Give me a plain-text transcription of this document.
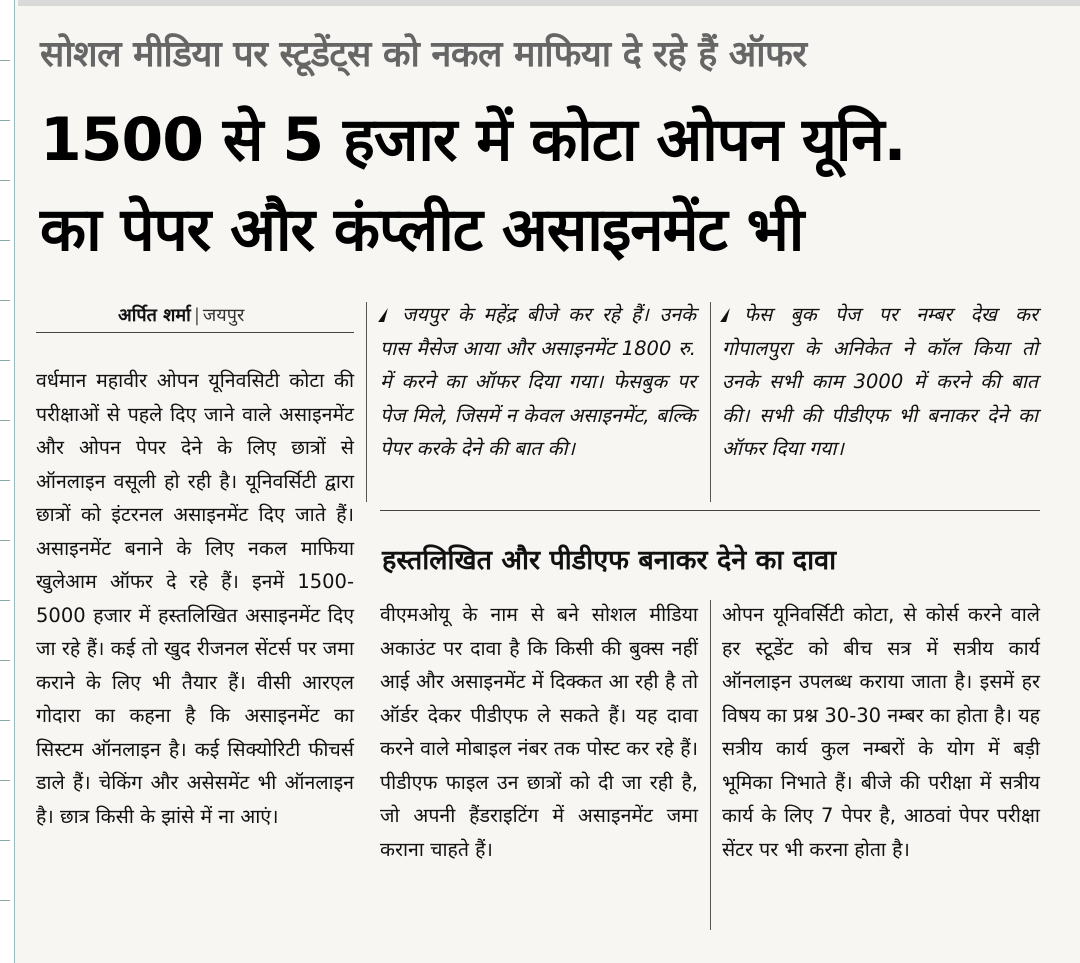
सोशल मीडिया पर स्टूडेंट्स को नकल माफिया दे रहे हैं ऑफर
1500 से 5 हजार में कोटा ओपन यूनि.
का पेपर और कंप्लीट असाइनमेंट भी
अर्पित शर्मा | जयपुर
वर्धमान महावीर ओपन यूनिवसिटी कोटा की परीक्षाओं से पहले दिए जाने वाले असाइनमेंट और ओपन पेपर देने के लिए छात्रों से ऑनलाइन वसूली हो रही है। यूनिवर्सिटी द्वारा छात्रों को इंटरनल असाइनमेंट दिए जाते हैं। असाइनमेंट बनाने के लिए नकल माफिया खुलेआम ऑफर दे रहे हैं। इनमें 1500-5000 हजार में हस्तलिखित असाइनमेंट दिए जा रहे हैं। कई तो खुद रीजनल सेंटर्स पर जमा कराने के लिए भी तैयार हैं। वीसी आरएल गोदारा का कहना है कि असाइनमेंट का सिस्टम ऑनलाइन है। कई सिक्योरिटी फीचर्स डाले हैं। चेकिंग और असेसमेंट भी ऑनलाइन है। छात्र किसी के झांसे में ना आएं।
जयपुर के महेंद्र बीजे कर रहे हैं। उनके पास मैसेज आया और असाइनमेंट 1800 रु. में करने का ऑफर दिया गया। फेसबुक पर पेज मिले, जिसमें न केवल असाइनमेंट, बल्कि पेपर करके देने की बात की।
फेस बुक पेज पर नम्बर देख कर गोपालपुरा के अनिकेत ने कॉल किया तो उनके सभी काम 3000 में करने की बात की। सभी की पीडीएफ भी बनाकर देने का ऑफर दिया गया।
हस्तलिखित और पीडीएफ बनाकर देने का दावा
वीएमओयू के नाम से बने सोशल मीडिया अकाउंट पर दावा है कि किसी की बुक्स नहीं आई और असाइनमेंट में दिक्कत आ रही है तो ऑर्डर देकर पीडीएफ ले सकते हैं। यह दावा करने वाले मोबाइल नंबर तक पोस्ट कर रहे हैं। पीडीएफ फाइल उन छात्रों को दी जा रही है, जो अपनी हैंडराइटिंग में असाइनमेंट जमा कराना चाहते हैं।
ओपन यूनिवर्सिटी कोटा, से कोर्स करने वाले हर स्टूडेंट को बीच सत्र में सत्रीय कार्य ऑनलाइन उपलब्ध कराया जाता है। इसमें हर विषय का प्रश्न 30-30 नम्बर का होता है। यह सत्रीय कार्य कुल नम्बरों के योग में बड़ी भूमिका निभाते हैं। बीजे की परीक्षा में सत्रीय कार्य के लिए 7 पेपर है, आठवां पेपर परीक्षा सेंटर पर भी करना होता है।
